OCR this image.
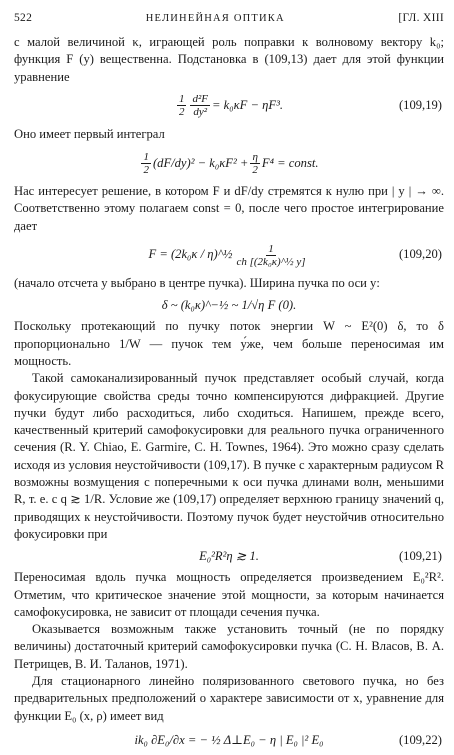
522	НЕЛИНЕЙНАЯ ОПТИКА	[ГЛ. XIII
с малой величиной κ, играющей роль поправки к волновому вектору k₀; функция F (y) вещественна. Подстановка в (109,13) дает для этой функции уравнение
$\frac{1}{2} \frac{\text{d²F}}{\text{dy²}} = k_0\kappa F - \eta F^3$.	(109,19)
Оно имеет первый интеграл
$\frac{1}{2} (dF/dy)^2 - k_0\kappa F^2 + \frac{\eta}{2} F^4$ = const.
Нас интересует решение, в котором F и dF/dy стремятся к нулю при | y | → ∞. Соответственно этому полагаем const = 0, после чего простое интегрирование дает
F = (2k₀κ / η)^½ $\frac{1}{\text{ch [(2k₀κ)\textasciicircum{}½ y]}}$	(109,20)
(начало отсчета y выбрано в центре пучка). Ширина пучка по оси y:
δ ~ (k₀κ)^−½ ~ 1/√η F (0).
Поскольку протекающий по пучку поток энергии W ~ E²(0) δ, то δ пропорционально 1/W — пучок тем у́же, чем больше переносимая им мощность.
Такой самоканализированный пучок представляет особый случай, когда фокусирующие свойства среды точно компенсируются дифракцией. Другие пучки будут либо расходиться, либо сходиться. Напишем, прежде всего, качественный критерий самофокусировки для реального пучка ограниченного сечения (R. Y. Chiao, E. Garmire, C. H. Townes, 1964). Это можно сразу сделать исходя из условия неустойчивости (109,17). В пучке с характерным радиусом R возможны возмущения с поперечными к оси пучка длинами волн, меньшими R, т. е. с q ≳ 1/R. Условие же (109,17) определяет верхнюю границу значений q, приводящих к неустойчивости. Поэтому пучок будет неустойчив относительно фокусировки при
E₀²R²η ≳ 1.	(109,21)
Переносимая вдоль пучка мощность определяется произведением E₀²R². Отметим, что критическое значение этой мощности, за которым начинается самофокусировка, не зависит от площади сечения пучка.
Оказывается возможным также установить точный (не по порядку величины) достаточный критерий самофокусировки пучка (С. Н. Власов, В. А. Петрищев, В. И. Таланов, 1971).
Для стационарного линейно поляризованного светового пучка, но без предварительных предположений о характере зависимости от x, уравнение для функции E₀ (x, ρ) имеет вид
ik₀ ∂E₀/∂x = − ½ Δ⊥E₀ − η | E₀ |² E₀	(109,22)
